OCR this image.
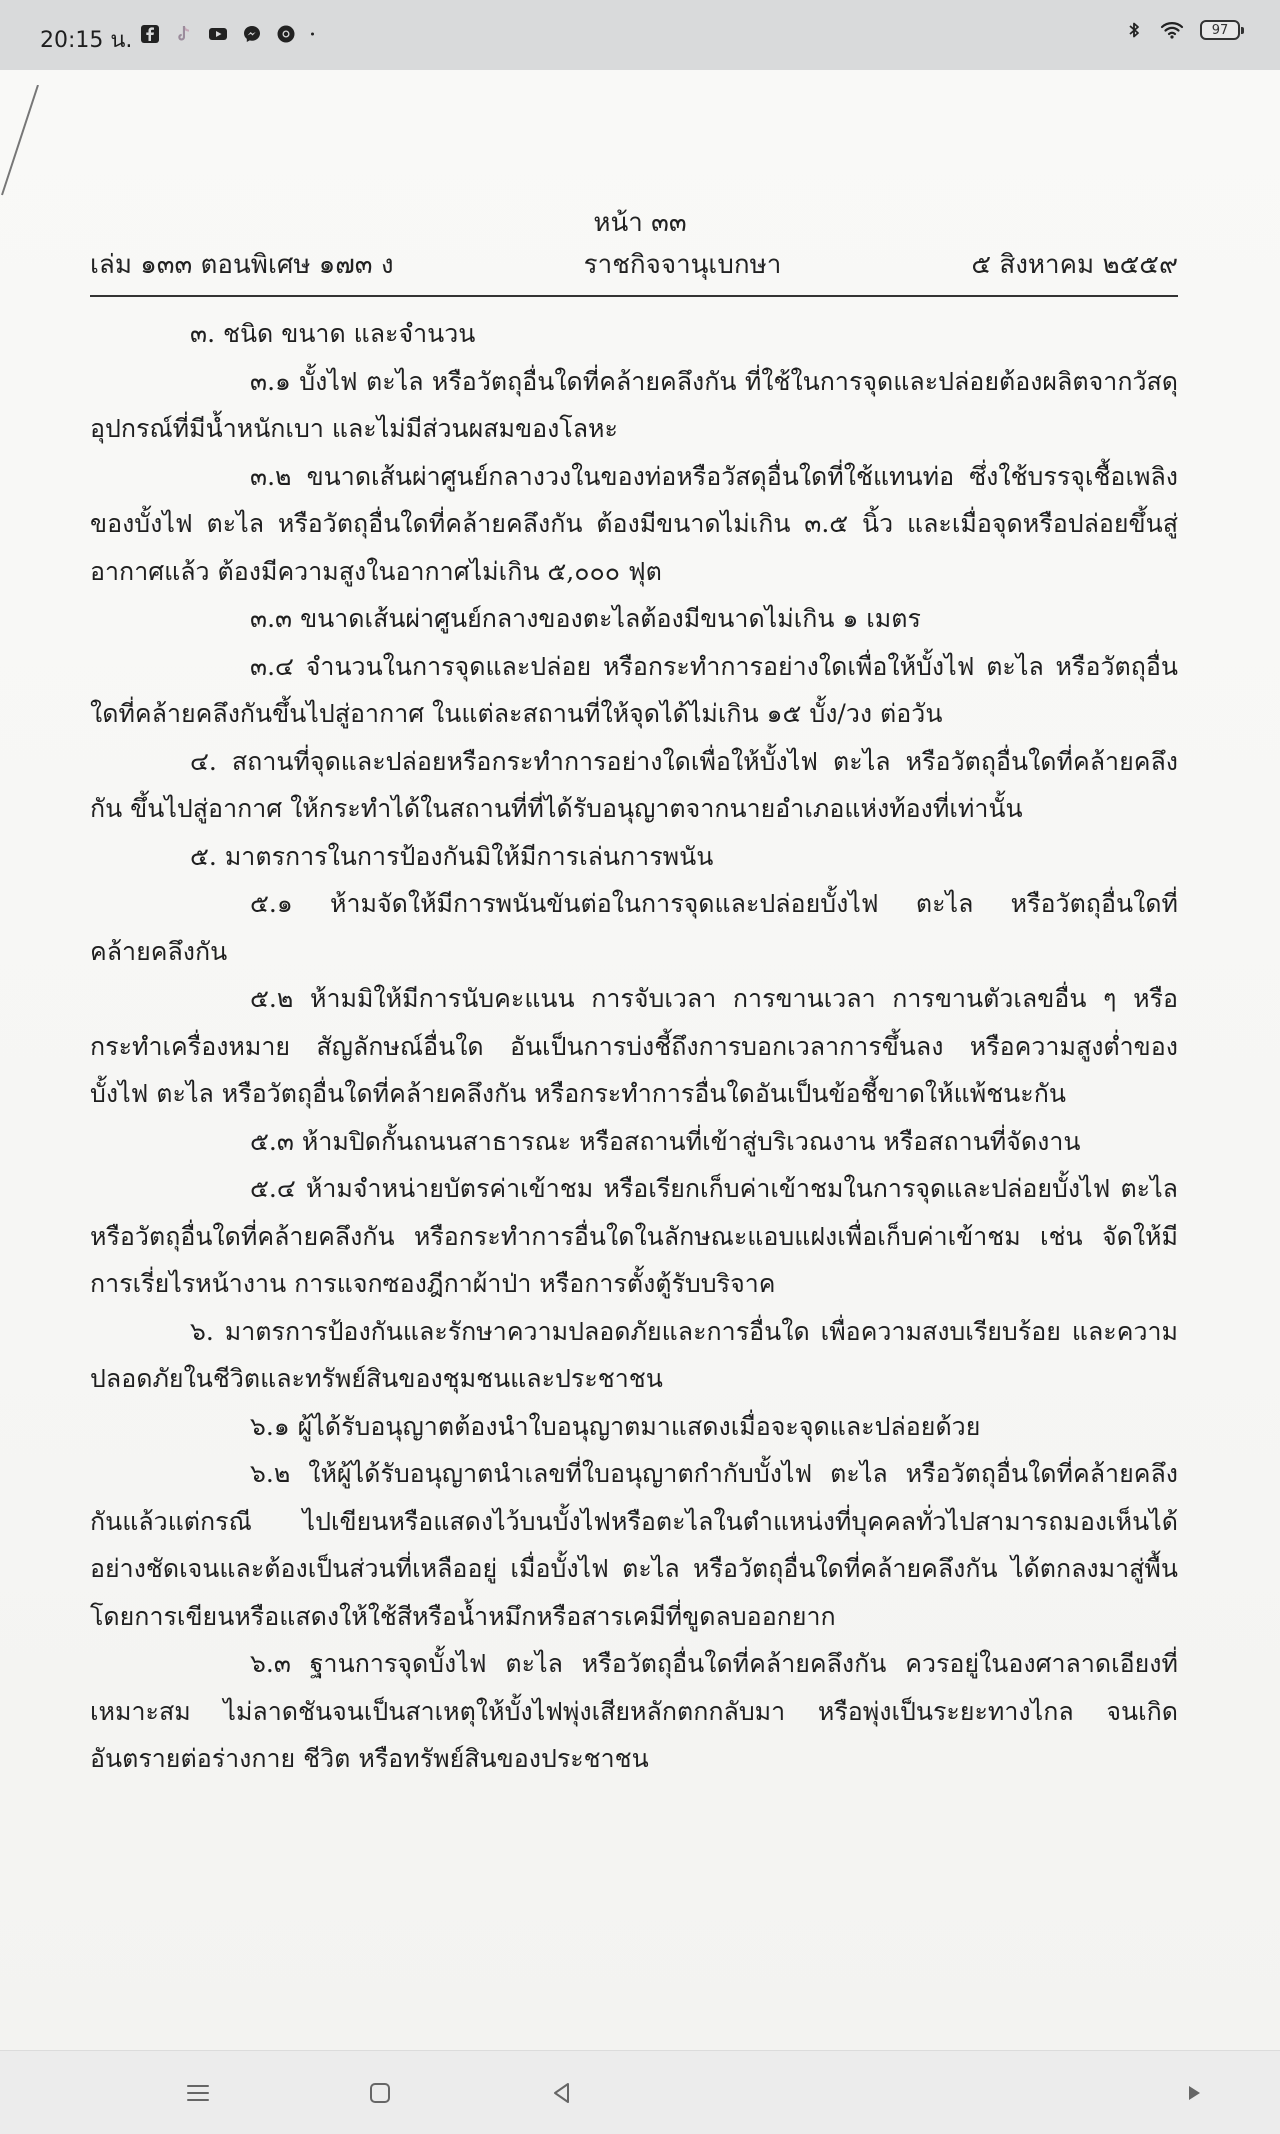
20:15 น.	97
หน้า ๓๓
เล่ม ๑๓๓ ตอนพิเศษ ๑๗๓ ง	ราชกิจจานุเบกษา	๕ สิงหาคม ๒๕๕๙

๓. ชนิด ขนาด และจำนวน

๓.๑ บั้งไฟ ตะไล หรือวัตถุอื่นใดที่คล้ายคลึงกัน ที่ใช้ในการจุดและปล่อยต้องผลิตจากวัสดุอุปกรณ์ที่มีน้ำหนักเบา และไม่มีส่วนผสมของโลหะ

๓.๒ ขนาดเส้นผ่าศูนย์กลางวงในของท่อหรือวัสดุอื่นใดที่ใช้แทนท่อ ซึ่งใช้บรรจุเชื้อเพลิงของบั้งไฟ ตะไล หรือวัตถุอื่นใดที่คล้ายคลึงกัน ต้องมีขนาดไม่เกิน ๓.๕ นิ้ว และเมื่อจุดหรือปล่อยขึ้นสู่อากาศแล้ว ต้องมีความสูงในอากาศไม่เกิน ๕,๐๐๐ ฟุต

๓.๓ ขนาดเส้นผ่าศูนย์กลางของตะไลต้องมีขนาดไม่เกิน ๑ เมตร

๓.๔ จำนวนในการจุดและปล่อย หรือกระทำการอย่างใดเพื่อให้บั้งไฟ ตะไล หรือวัตถุอื่นใดที่คล้ายคลึงกันขึ้นไปสู่อากาศ ในแต่ละสถานที่ให้จุดได้ไม่เกิน ๑๕ บั้ง/วง ต่อวัน

๔. สถานที่จุดและปล่อยหรือกระทำการอย่างใดเพื่อให้บั้งไฟ ตะไล หรือวัตถุอื่นใดที่คล้ายคลึงกัน ขึ้นไปสู่อากาศ ให้กระทำได้ในสถานที่ที่ได้รับอนุญาตจากนายอำเภอแห่งท้องที่เท่านั้น

๕. มาตรการในการป้องกันมิให้มีการเล่นการพนัน

๕.๑ ห้ามจัดให้มีการพนันขันต่อในการจุดและปล่อยบั้งไฟ ตะไล หรือวัตถุอื่นใดที่คล้ายคลึงกัน

๕.๒ ห้ามมิให้มีการนับคะแนน การจับเวลา การขานเวลา การขานตัวเลขอื่น ๆ หรือกระทำเครื่องหมาย สัญลักษณ์อื่นใด อันเป็นการบ่งชี้ถึงการบอกเวลาการขึ้นลง หรือความสูงต่ำของบั้งไฟ ตะไล หรือวัตถุอื่นใดที่คล้ายคลึงกัน หรือกระทำการอื่นใดอันเป็นข้อชี้ขาดให้แพ้ชนะกัน

๕.๓ ห้ามปิดกั้นถนนสาธารณะ หรือสถานที่เข้าสู่บริเวณงาน หรือสถานที่จัดงาน

๕.๔ ห้ามจำหน่ายบัตรค่าเข้าชม หรือเรียกเก็บค่าเข้าชมในการจุดและปล่อยบั้งไฟ ตะไล หรือวัตถุอื่นใดที่คล้ายคลึงกัน หรือกระทำการอื่นใดในลักษณะแอบแฝงเพื่อเก็บค่าเข้าชม เช่น จัดให้มีการเรี่ยไรหน้างาน การแจกซองฎีกาผ้าป่า หรือการตั้งตู้รับบริจาค

๖. มาตรการป้องกันและรักษาความปลอดภัยและการอื่นใด เพื่อความสงบเรียบร้อย และความปลอดภัยในชีวิตและทรัพย์สินของชุมชนและประชาชน

๖.๑ ผู้ได้รับอนุญาตต้องนำใบอนุญาตมาแสดงเมื่อจะจุดและปล่อยด้วย

๖.๒ ให้ผู้ได้รับอนุญาตนำเลขที่ใบอนุญาตกำกับบั้งไฟ ตะไล หรือวัตถุอื่นใดที่คล้ายคลึงกันแล้วแต่กรณี ไปเขียนหรือแสดงไว้บนบั้งไฟหรือตะไลในตำแหน่งที่บุคคลทั่วไปสามารถมองเห็นได้อย่างชัดเจนและต้องเป็นส่วนที่เหลืออยู่ เมื่อบั้งไฟ ตะไล หรือวัตถุอื่นใดที่คล้ายคลึงกัน ได้ตกลงมาสู่พื้น โดยการเขียนหรือแสดงให้ใช้สีหรือน้ำหมึกหรือสารเคมีที่ขูดลบออกยาก

๖.๓ ฐานการจุดบั้งไฟ ตะไล หรือวัตถุอื่นใดที่คล้ายคลึงกัน ควรอยู่ในองศาลาดเอียงที่เหมาะสม ไม่ลาดชันจนเป็นสาเหตุให้บั้งไฟพุ่งเสียหลักตกกลับมา หรือพุ่งเป็นระยะทางไกล จนเกิดอันตรายต่อร่างกาย ชีวิต หรือทรัพย์สินของประชาชน
